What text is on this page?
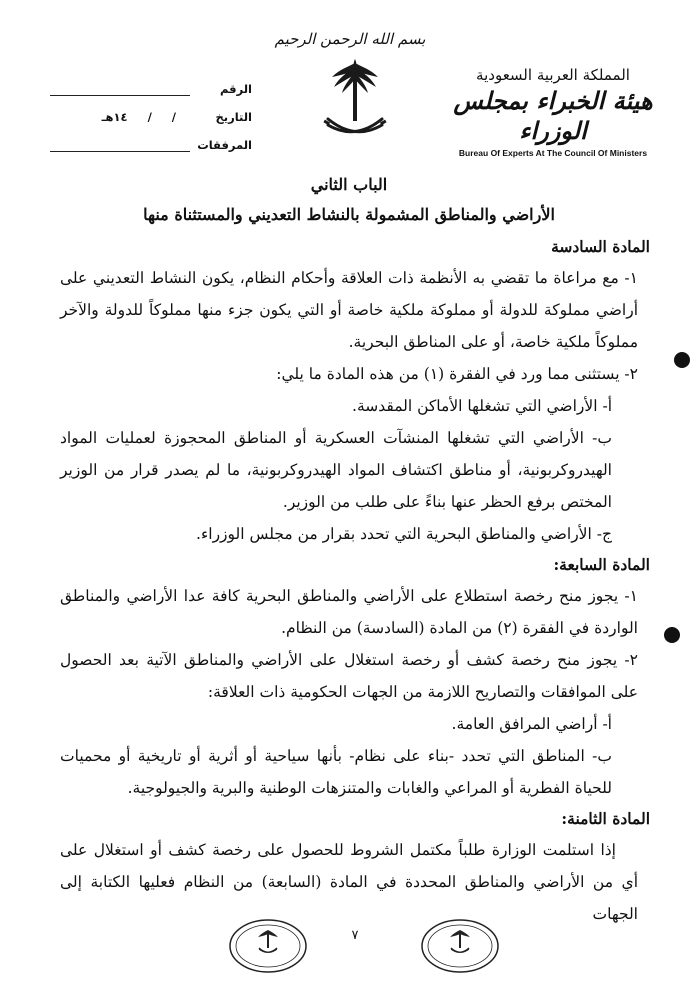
بسم الله الرحمن الرحيم
المملكة العربية السعودية
هيئة الخبراء بمجلس الوزراء
Bureau Of Experts At The Council Of Ministers
الرقم
التاريخ
/     /     ١٤هـ
المرفقات
الباب الثاني
الأراضي والمناطق المشمولة بالنشاط التعديني والمستثناة منها
المادة السادسة

١- مع مراعاة ما تقضي به الأنظمة ذات العلاقة وأحكام النظام، يكون النشاط التعديني على أراضي مملوكة للدولة أو مملوكة ملكية خاصة أو التي يكون جزء منها مملوكاً للدولة والآخر مملوكاً ملكية خاصة، أو على المناطق البحرية.

٢- يستثنى مما ورد في الفقرة (١) من هذه المادة ما يلي:

أ- الأراضي التي تشغلها الأماكن المقدسة.

ب- الأراضي التي تشغلها المنشآت العسكرية أو المناطق المحجوزة لعمليات المواد الهيدروكربونية، أو مناطق اكتشاف المواد الهيدروكربونية، ما لم يصدر قرار من الوزير المختص برفع الحظر عنها بناءً على طلب من الوزير.

ج- الأراضي والمناطق البحرية التي تحدد بقرار من مجلس الوزراء.

المادة السابعة:

١- يجوز منح رخصة استطلاع على الأراضي والمناطق البحرية كافة عدا الأراضي والمناطق الواردة في الفقرة (٢) من المادة (السادسة) من النظام.

٢- يجوز منح رخصة كشف أو رخصة استغلال على الأراضي والمناطق الآتية بعد الحصول على الموافقات والتصاريح اللازمة من الجهات الحكومية ذات العلاقة:

أ- أراضي المرافق العامة.

ب- المناطق التي تحدد -بناء على نظام- بأنها سياحية أو أثرية أو تاريخية أو محميات للحياة الفطرية أو المراعي والغابات والمتنزهات الوطنية والبرية والجيولوجية.

المادة الثامنة:

إذا استلمت الوزارة طلباً مكتمل الشروط للحصول على رخصة كشف أو استغلال على أي من الأراضي والمناطق المحددة في المادة (السابعة) من النظام فعليها الكتابة إلى الجهات

٧
